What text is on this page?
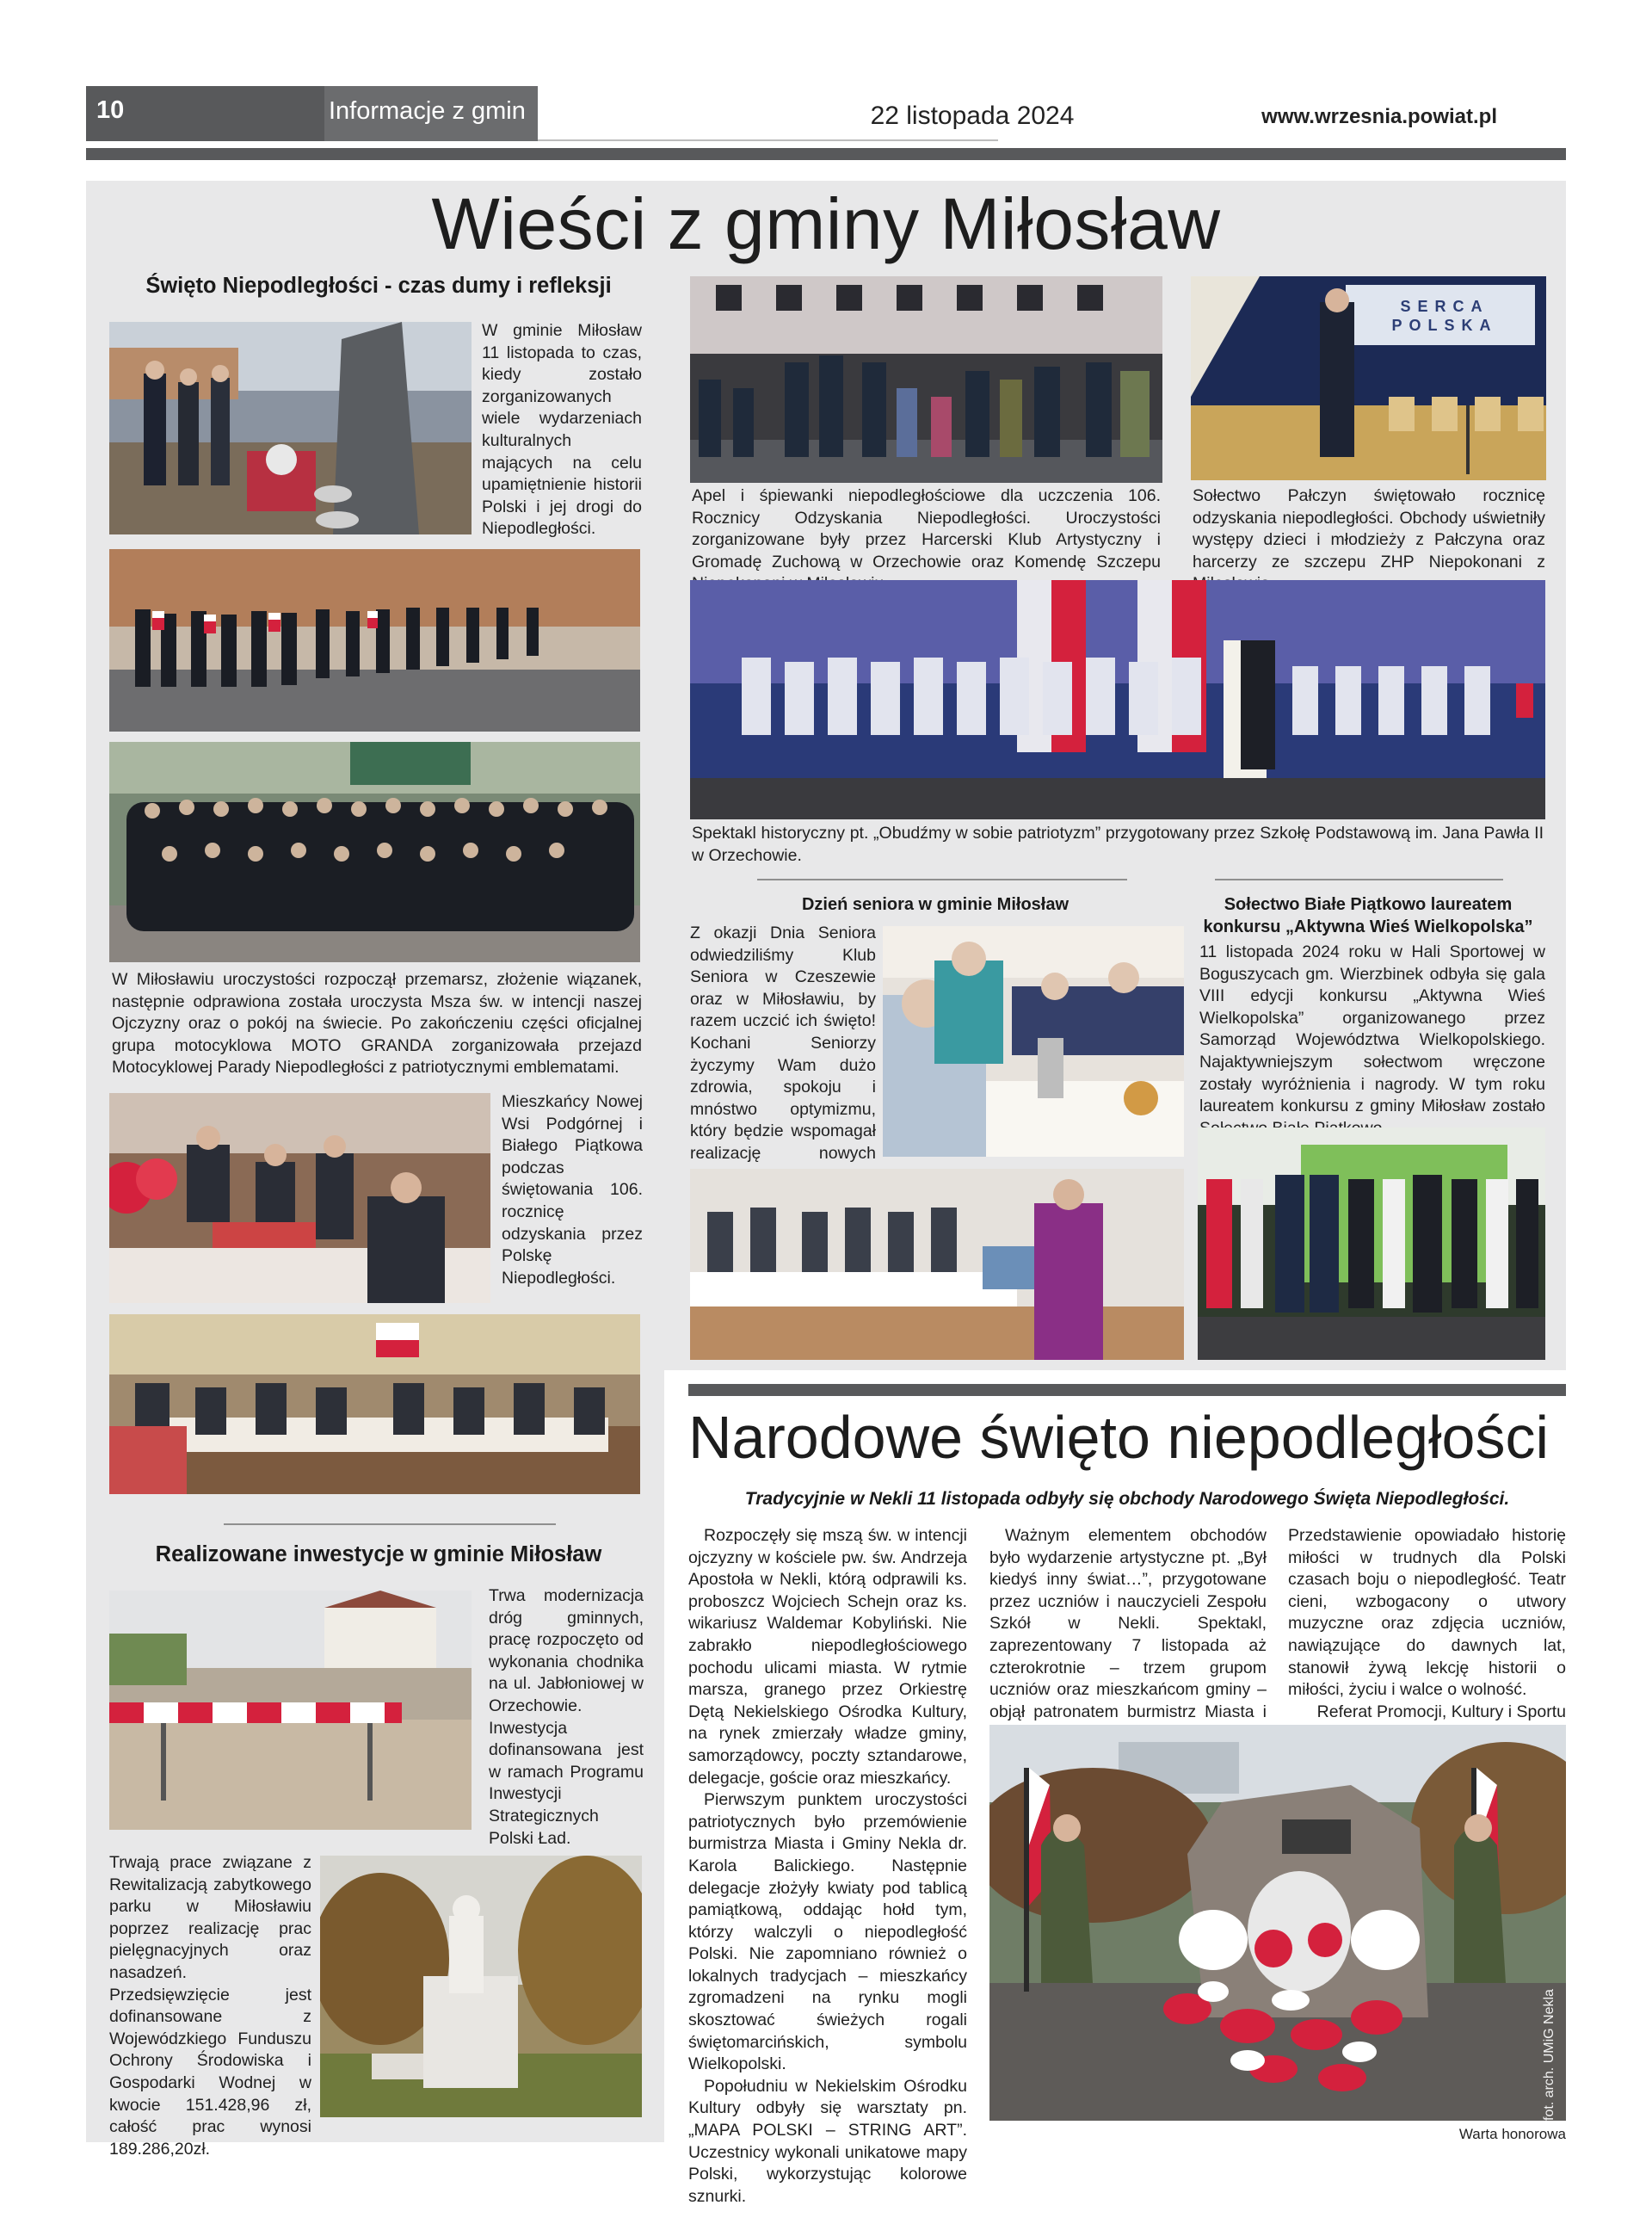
10	Informacje z gmin	22 listopada 2024	www.wrzesnia.powiat.pl
Wieści z gminy Miłosław
Święto Niepodległości - czas dumy i refleksji
W gminie Miłosław 11 listopada to czas, kiedy zostało zorganizowanych wiele wydarzeniach kulturalnych mających na celu upamiętnienie historii Polski i jej drogi do Niepodległości.
W Miłosławiu uroczystości rozpoczął przemarsz, złożenie wiązanek, następnie odprawiona została uroczysta Msza św. w intencji naszej Ojczyzny oraz o pokój na świecie. Po zakończeniu części oficjalnej grupa motocyklowa MOTO GRANDA zorganizowała przejazd Motocyklowej Parady Niepodległości z patriotycznymi emblematami.
Mieszkańcy Nowej Wsi Podgórnej i Białego Piątkowa podczas świętowania 106. rocznicę odzyskania przez Polskę Niepodległości.
Realizowane inwestycje w gminie Miłosław
Trwa modernizacja dróg gminnych, pracę rozpoczęto od wykonania chodnika na ul. Jabłoniowej w Orzechowie. Inwestycja dofinansowana jest w ramach Programu Inwestycji Strategicznych Polski Ład.
Trwają prace związane z Rewitalizacją zabytkowego parku w Miłosławiu poprzez realizację prac pielęgnacyjnych oraz nasadzeń. Przedsięwzięcie jest dofinansowane z Wojewódzkiego Funduszu Ochrony Środowiska i Gospodarki Wodnej w kwocie 151.428,96 zł, całość prac wynosi 189.286,20zł.
Apel i śpiewanki niepodległościowe dla uczczenia 106. Rocznicy Odzyskania Niepodległości. Uroczystości zorganizowane były przez Harcerski Klub Artystyczny i Gromadę Zuchową w Orzechowie oraz Komendę Szczepu
SERCA POLSKA
Sołectwo Pałczyn świętowało rocznicę odzyskania niepodległości. Obchody uświetniły występy dzieci i młodzieży z Pałczyna oraz harcerzy ze szczepu ZHP Niepokonani z
Spektakl historyczny pt. „Obudźmy w sobie patriotyzm” przygotowany przez Szkołę Podstawową im. Jana Pawła II w Orzechowie.
Dzień seniora w gminie Miłosław
Z okazji Dnia Seniora odwiedziliśmy Klub Seniora w Czeszewie oraz w Miłosławiu, by razem uczcić ich święto! Kochani Seniorzy życzymy Wam dużo zdrowia, spokoju i mnóstwo optymizmu, który będzie wspomagał realizację nowych
Sołectwo Białe Piątkowo laureatem
konkursu „Aktywna Wieś Wielkopolska”
11 listopada 2024 roku w Hali Sportowej w Boguszycach gm. Wierzbinek odbyła się gala VIII edycji konkursu „Aktywna Wieś Wielkopolska” organizowanego przez Samorząd Województwa Wielkopolskiego. Najaktywniejszym sołectwom wręczone zostały wyróżnienia i nagrody. W tym roku laureatem konkursu z gminy Miłosław zostało
Narodowe święto niepodległości
Tradycyjnie w Nekli 11 listopada odbyły się obchody Narodowego Święta Niepodległości.

Rozpoczęły się mszą św. w intencji ojczyzny w kościele pw. św. Andrzeja Apostoła w Nekli, którą odprawili ks. proboszcz Wojciech Schejn oraz ks. wikariusz Waldemar Kobyliński. Nie zabrakło niepodległościowego pochodu ulicami miasta. W rytmie marsza, granego przez Orkiestrę Dętą Nekielskiego Ośrodka Kultury, na rynek zmierzały władze gminy, samorządowcy, poczty sztandarowe, delegacje, goście oraz mieszkańcy.

Pierwszym punktem uroczystości patriotycznych było przemówienie burmistrza Miasta i Gminy Nekla dr. Karola Balickiego. Następnie delegacje złożyły kwiaty pod tablicą pamiątkową, oddając hołd tym, którzy walczyli o niepodległość Polski. Nie zapomniano również o lokalnych tradycjach – mieszkańcy zgromadzeni na rynku mogli skosztować świeżych rogali świętomarcińskich, symbolu Wielkopolski.

Popołudniu w Nekielskim Ośrodku Kultury odbyły się warsztaty pn. „MAPA POLSKI – STRING ART”. Uczestnicy wykonali unikatowe mapy Polski, wykorzystując kolorowe sznurki.

Ważnym elementem obchodów było wydarzenie artystyczne pt. „Był kiedyś inny świat…”, przygotowane przez uczniów i nauczycieli Zespołu Szkół w Nekli. Spektakl, zaprezentowany 7 listopada aż czterokrotnie – trzem grupom uczniów oraz mieszkańcom gminy – objął patronatem burmistrz Miasta i

Przedstawienie opowiadało historię miłości w trudnych dla Polski czasach boju o niepodległość. Teatr cieni, wzbogacony o utwory muzyczne oraz zdjęcia uczniów, nawiązujące do dawnych lat, stanowił żywą lekcję historii o miłości, życiu i walce o wolność.

Referat Promocji, Kultury i Sportu

fot. arch. UMiG Nekla
Warta honorowa
